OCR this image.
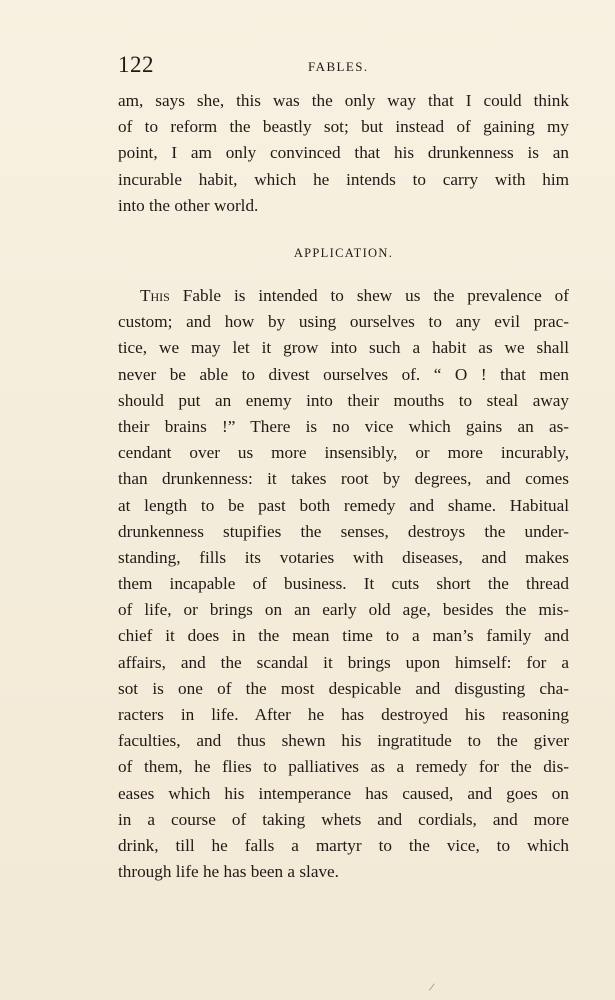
122	FABLES.
am, says she, this was the only way that I could think
of to reform the beastly sot; but instead of gaining my
point, I am only convinced that his drunkenness is an
incurable habit, which he intends to carry with him
into the other world.
APPLICATION.
This Fable is intended to shew us the prevalence of
custom; and how by using ourselves to any evil prac-
tice, we may let it grow into such a habit as we shall
never be able to divest ourselves of. “ O ! that men
should put an enemy into their mouths to steal away
their brains !” There is no vice which gains an as-
cendant over us more insensibly, or more incurably,
than drunkenness: it takes root by degrees, and comes
at length to be past both remedy and shame. Habitual
drunkenness stupifies the senses, destroys the under-
standing, fills its votaries with diseases, and makes
them incapable of business. It cuts short the thread
of life, or brings on an early old age, besides the mis-
chief it does in the mean time to a man’s family and
affairs, and the scandal it brings upon himself: for a
sot is one of the most despicable and disgusting cha-
racters in life. After he has destroyed his reasoning
faculties, and thus shewn his ingratitude to the giver
of them, he flies to palliatives as a remedy for the dis-
eases which his intemperance has caused, and goes on
in a course of taking whets and cordials, and more
drink, till he falls a martyr to the vice, to which
through life he has been a slave.
/
